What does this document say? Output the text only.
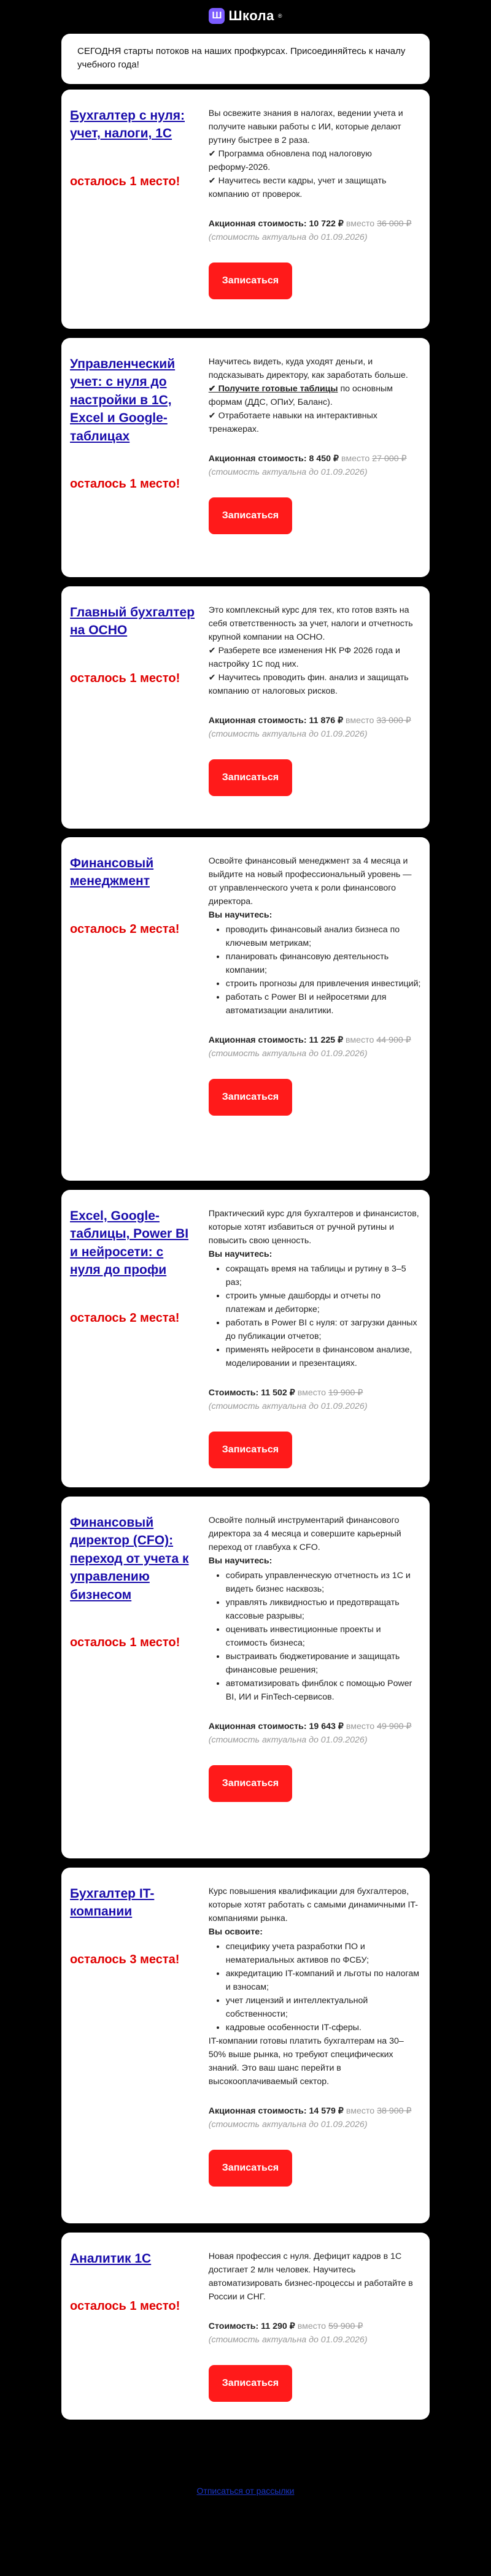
Ш Школа ®
СЕГОДНЯ старты потоков на наших профкурсах. Присоединяйтесь к началу учебного года!
Бухгалтер с нуля: учет, налоги, 1С
осталось 1 место!

Вы освежите знания в налогах, ведении учета и получите навыки работы с ИИ, которые делают рутину быстрее в 2 раза.

✔ Программа обновлена под налоговую реформу-2026.

✔ Научитесь вести кадры, учет и защищать компанию от проверок.

Акционная стоимость: 10 722 ₽ вместо 36 000 ₽
(стоимость актуальна до 01.09.2026)
Записаться
Управленческий учет: с нуля до настройки в 1С, Excel и Google-таблицах
осталось 1 место!

Научитесь видеть, куда уходят деньги, и подсказывать директору, как заработать больше.

✔ Получите готовые таблицы по основным формам (ДДС, ОПиУ, Баланс).

✔ Отработаете навыки на интерактивных тренажерах.

Акционная стоимость: 8 450 ₽ вместо 27 000 ₽
(стоимость актуальна до 01.09.2026)
Записаться
Главный бухгалтер на ОСНО
осталось 1 место!

Это комплексный курс для тех, кто готов взять на себя ответственность за учет, налоги и отчетность крупной компании на ОСНО.

✔ Разберете все изменения НК РФ 2026 года и настройку 1С под них.

✔ Научитесь проводить фин. анализ и защищать компанию от налоговых рисков.

Акционная стоимость: 11 876 ₽ вместо 33 000 ₽
(стоимость актуальна до 01.09.2026)
Записаться
Финансовый менеджмент
осталось 2 места!

Освойте финансовый менеджмент за 4 месяца и выйдите на новый профессиональный уровень — от управленческого учета к роли финансового директора.

Вы научитесь:

• проводить финансовый анализ бизнеса по ключевым метрикам;
• планировать финансовую деятельность компании;
• строить прогнозы для привлечения инвестиций;
• работать с Power BI и нейросетями для автоматизации аналитики.
Акционная стоимость: 11 225 ₽ вместо 44 900 ₽
(стоимость актуальна до 01.09.2026)
Записаться
Excel, Google-таблицы, Power BI и нейросети: с нуля до профи
осталось 2 места!

Практический курс для бухгалтеров и финансистов, которые хотят избавиться от ручной рутины и повысить свою ценность.

Вы научитесь:

• сокращать время на таблицы и рутину в 3–5 раз;
• строить умные дашборды и отчеты по платежам и дебиторке;
• работать в Power BI с нуля: от загрузки данных до публикации отчетов;
• применять нейросети в финансовом анализе, моделировании и презентациях.
Стоимость: 11 502 ₽ вместо 19 900 ₽
(стоимость актуальна до 01.09.2026)
Записаться
Финансовый директор (CFO): переход от учета к управлению бизнесом
осталось 1 место!

Освойте полный инструментарий финансового директора за 4 месяца и совершите карьерный переход от главбуха к CFO.

Вы научитесь:

• собирать управленческую отчетность из 1С и видеть бизнес насквозь;
• управлять ликвидностью и предотвращать кассовые разрывы;
• оценивать инвестиционные проекты и стоимость бизнеса;
• выстраивать бюджетирование и защищать финансовые решения;
• автоматизировать финблок с помощью Power BI, ИИ и FinTech-сервисов.
Акционная стоимость: 19 643 ₽ вместо 49 900 ₽
(стоимость актуальна до 01.09.2026)
Записаться
Бухгалтер IT-компании
осталось 3 места!

Курс повышения квалификации для бухгалтеров, которые хотят работать с самыми динамичными IT-компаниями рынка.

Вы освоите:

• специфику учета разработки ПО и нематериальных активов по ФСБУ;
• аккредитацию IT-компаний и льготы по налогам и взносам;
• учет лицензий и интеллектуальной собственности;
• кадровые особенности IT-сферы.

IT-компании готовы платить бухгалтерам на 30–50% выше рынка, но требуют специфических знаний. Это ваш шанс перейти в высокооплачиваемый сектор.

Акционная стоимость: 14 579 ₽ вместо 38 900 ₽
(стоимость актуальна до 01.09.2026)
Записаться
Аналитик 1С
осталось 1 место!

Новая профессия с нуля. Дефицит кадров в 1С достигает 2 млн человек. Научитесь автоматизировать бизнес-процессы и работайте в России и СНГ.

Стоимость: 11 290 ₽ вместо 59 900 ₽
(стоимость актуальна до 01.09.2026)
Записаться
VK ▶ ✈
Отписаться от рассылки
